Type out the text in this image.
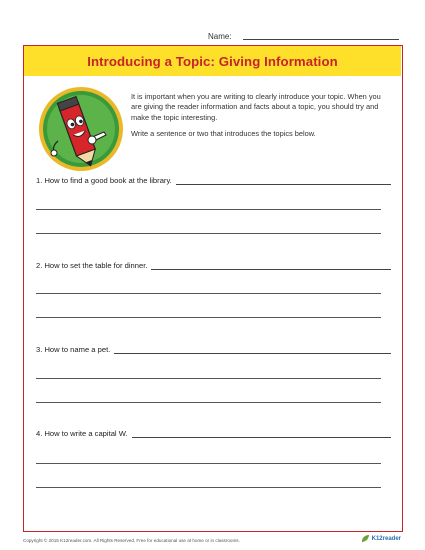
Name:
Introducing a Topic: Giving Information

It is important when you are writing to clearly introduce your topic. When you are giving the reader information and facts about a topic, you should try and make the topic interesting.

Write a sentence or two that introduces the topics below.

1. How to find a good book at the library.
2. How to set the table for dinner.
3. How to name a pet.
4. How to write a capital W.
Copyright © 2015 K12reader.com. All Rights Reserved. Free for educational use at home or in classrooms.	K12reader
